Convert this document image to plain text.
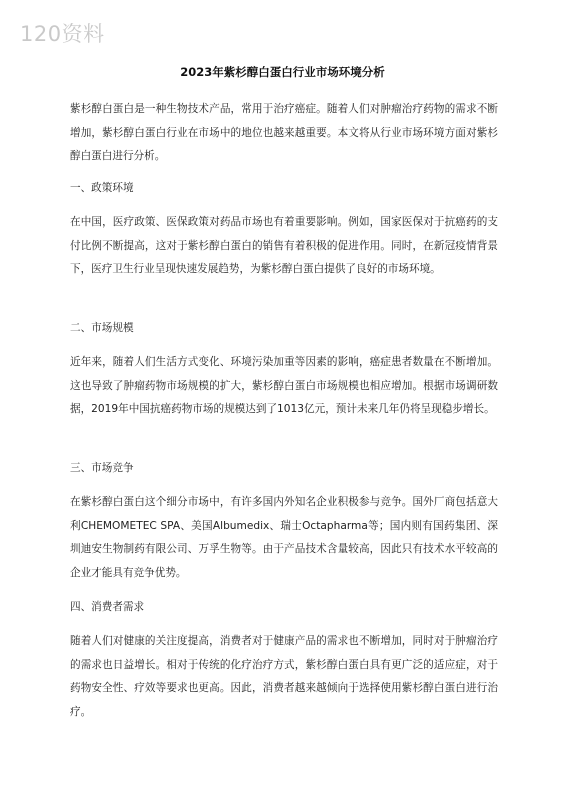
120资料
2023年紫杉醇白蛋白行业市场环境分析

紫杉醇白蛋白是一种生物技术产品，常用于治疗癌症。随着人们对肿瘤治疗药物的需求不断增加，紫杉醇白蛋白行业在市场中的地位也越来越重要。本文将从行业市场环境方面对紫杉醇白蛋白进行分析。

一、政策环境

在中国，医疗政策、医保政策对药品市场也有着重要影响。例如，国家医保对于抗癌药的支付比例不断提高，这对于紫杉醇白蛋白的销售有着积极的促进作用。同时，在新冠疫情背景下，医疗卫生行业呈现快速发展趋势，为紫杉醇白蛋白提供了良好的市场环境。

二、市场规模

近年来，随着人们生活方式变化、环境污染加重等因素的影响，癌症患者数量在不断增加。这也导致了肿瘤药物市场规模的扩大，紫杉醇白蛋白市场规模也相应增加。根据市场调研数据，2019年中国抗癌药物市场的规模达到了1013亿元，预计未来几年仍将呈现稳步增长。

三、市场竞争

在紫杉醇白蛋白这个细分市场中，有许多国内外知名企业积极参与竞争。国外厂商包括意大利CHEMOMETEC SPA、美国Albumedix、瑞士Octapharma等；国内则有国药集团、深圳迪安生物制药有限公司、万孚生物等。由于产品技术含量较高，因此只有技术水平较高的企业才能具有竞争优势。

四、消费者需求

随着人们对健康的关注度提高，消费者对于健康产品的需求也不断增加，同时对于肿瘤治疗的需求也日益增长。相对于传统的化疗治疗方式，紫杉醇白蛋白具有更广泛的适应症，对于药物安全性、疗效等要求也更高。因此，消费者越来越倾向于选择使用紫杉醇白蛋白进行治疗。
